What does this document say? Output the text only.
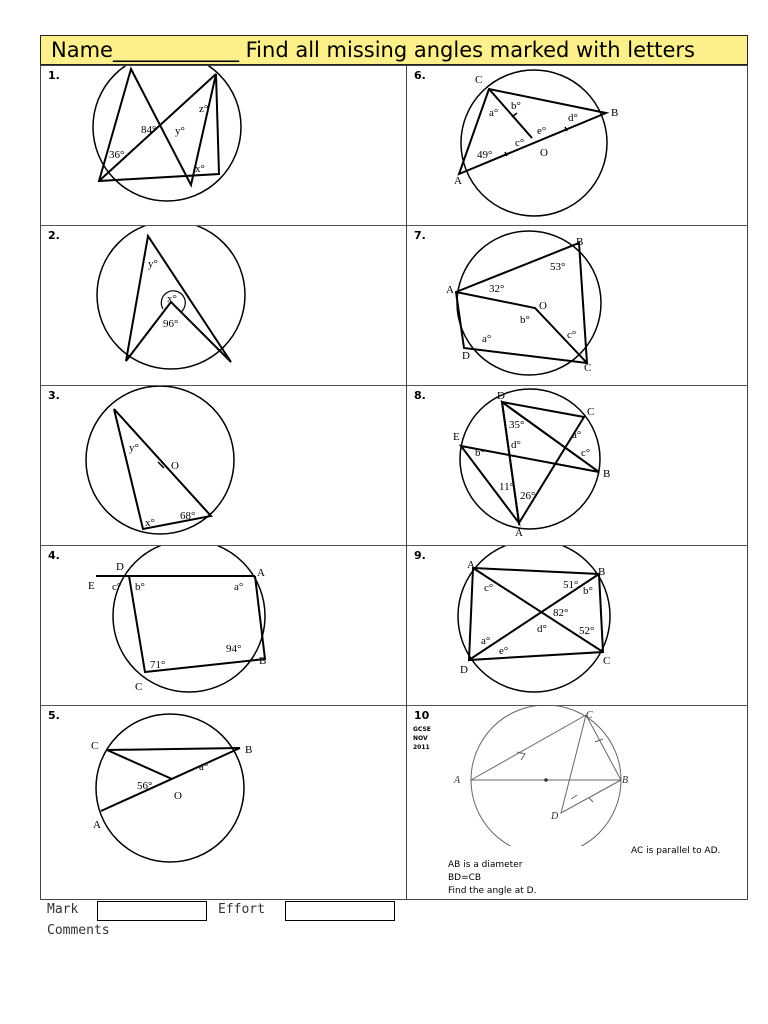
Name____________ Find all missing angles marked with letters
1.
84°
36°
y°
z°
x°
6.	C
B
A
O
a°
b°
c°
d°
e°
49°
2.
y°
x°
96°
7.	B
A
O
D
C
53°
32°
b°
a°	c°
3.
y°
O
x°
68°
8.	D
C
E
B
A
35°
d°
a°
b°	c°
11°
26°
4.
D	A
E
B
C
c° b°	a°
94°
71°
9.
A
B
D
C
c°	51° b°
82°
d°	52°
a°
e°
5.
C	B
A
O
a°
56°
10
GCSE
NOV
2011
C
A	B
D
AC is parallel to AD.
AB is a diameter
BD=CB
Find the angle at D.
Mark	Effort
Comments
